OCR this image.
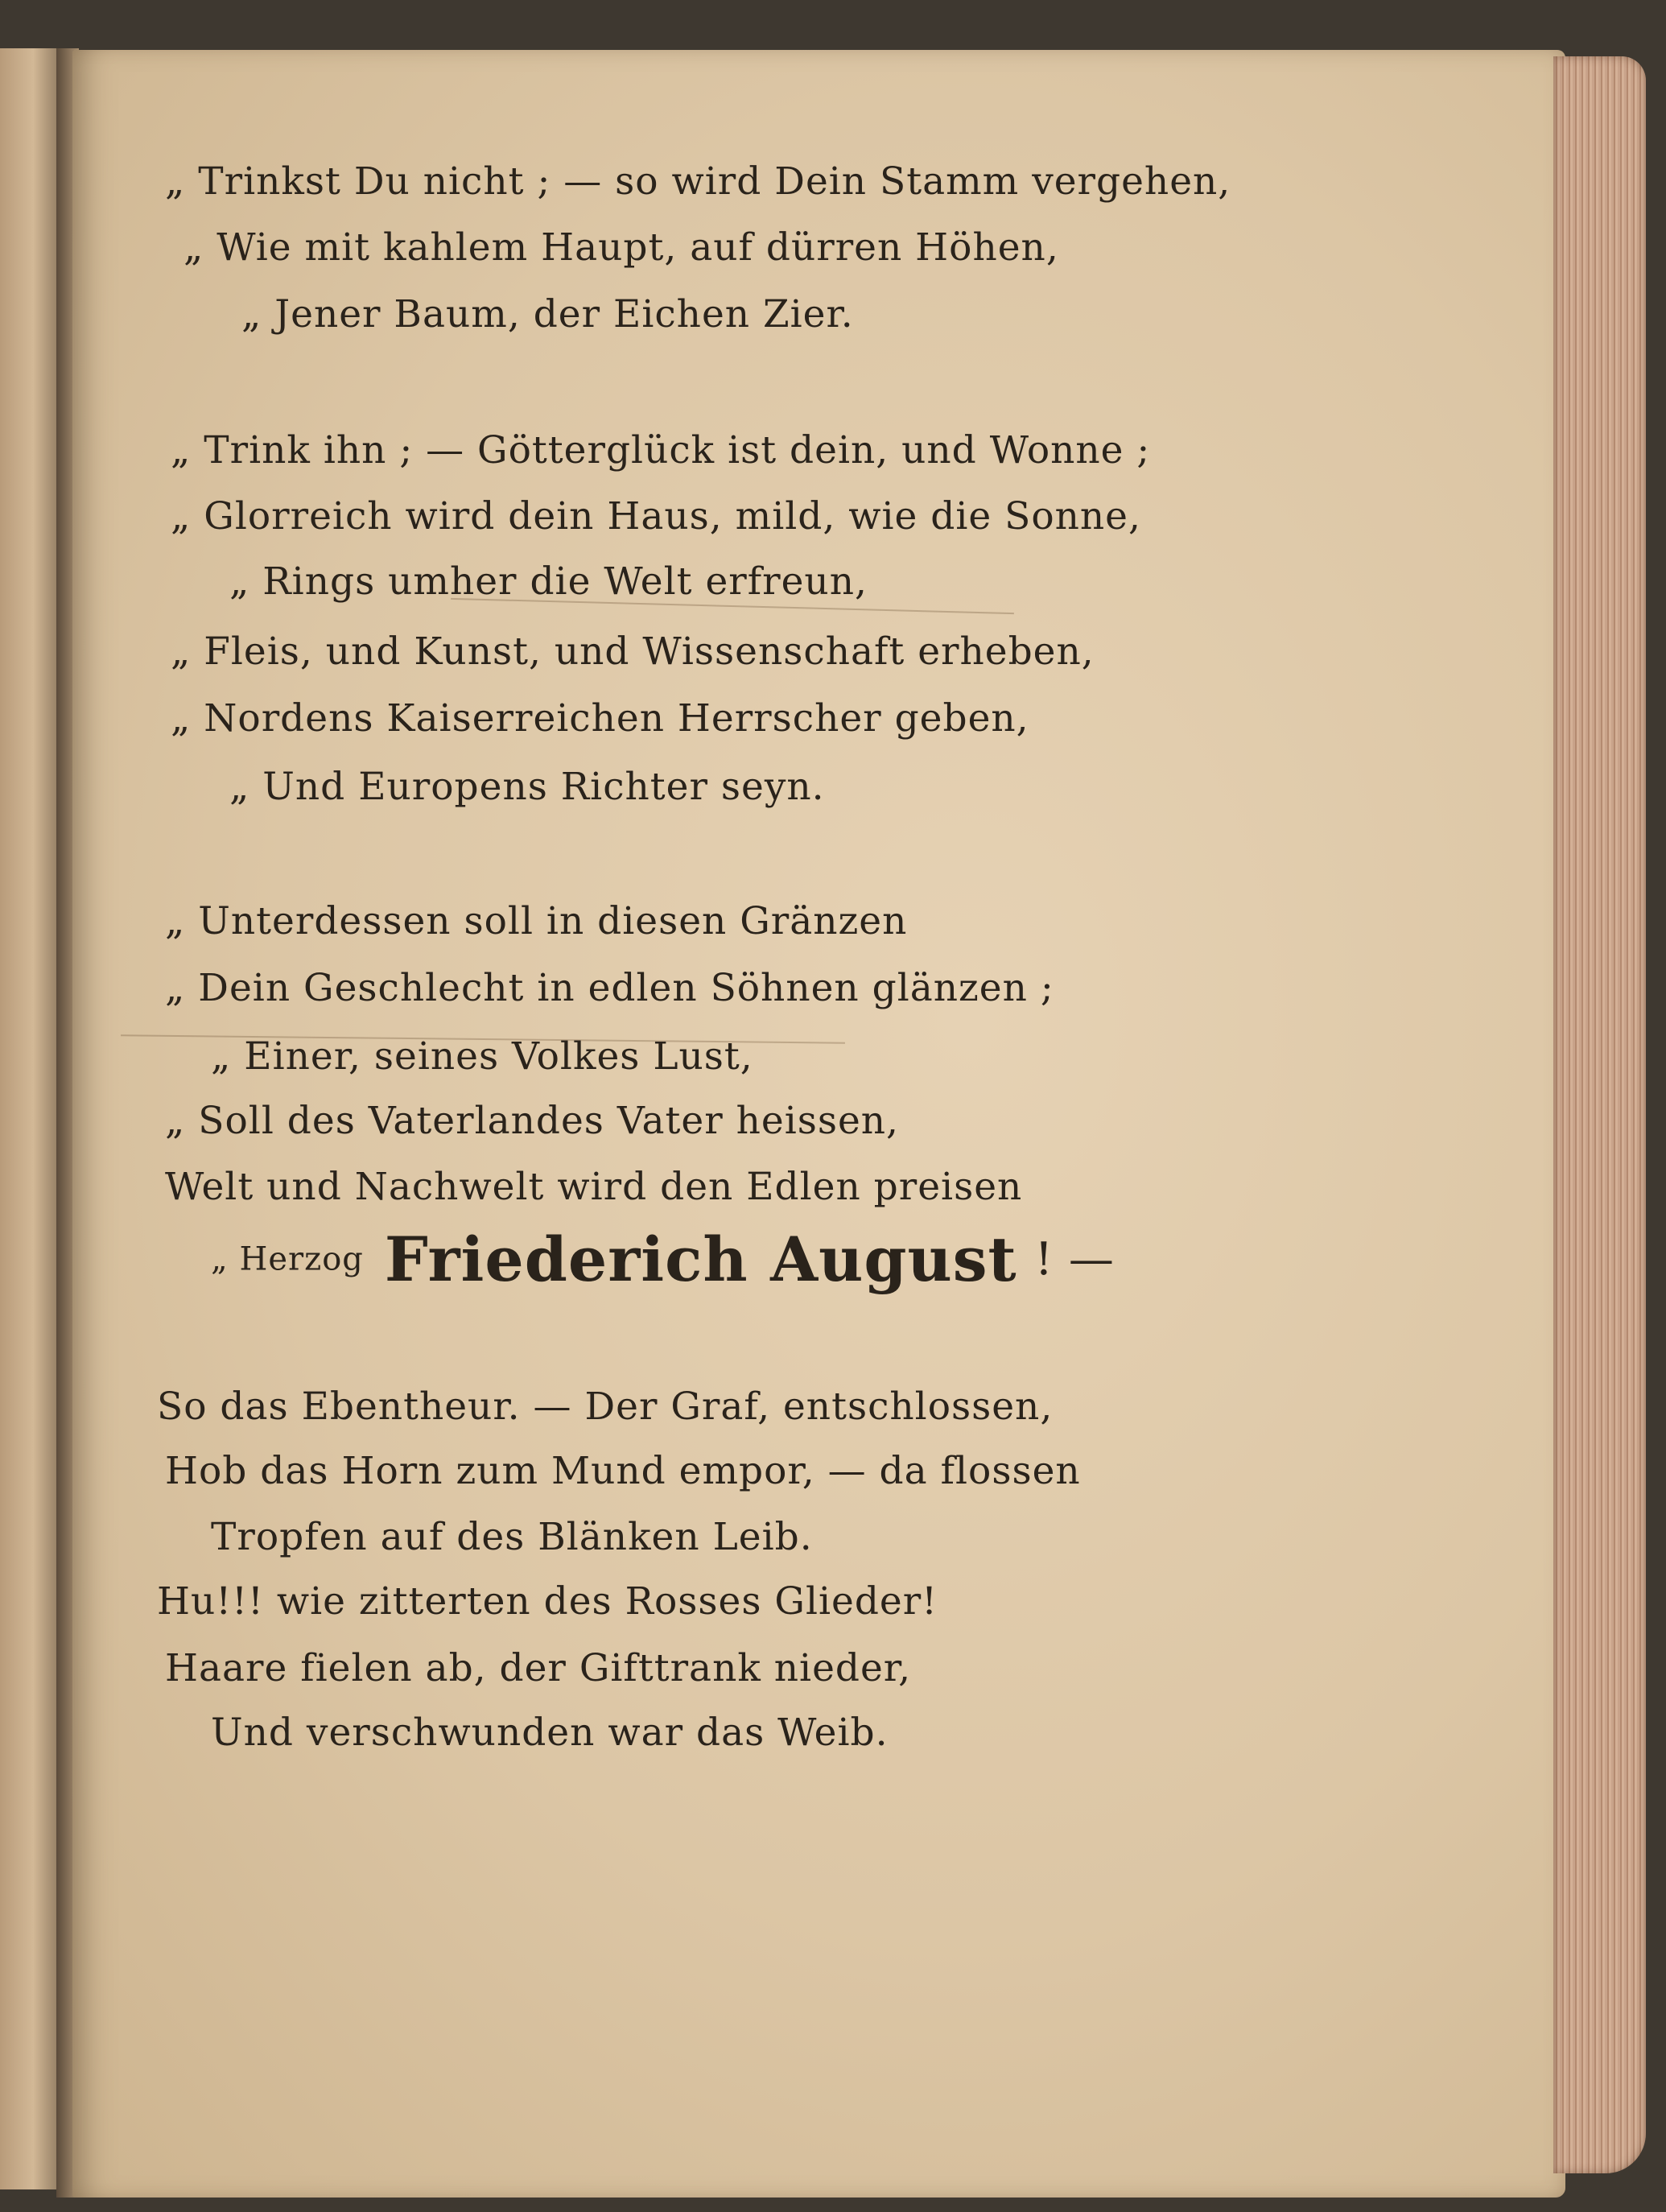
„ Trinkst Du nicht ; — so wird Dein Stamm vergehen,
„ Wie mit kahlem Haupt, auf dürren Höhen,
„ Jener Baum, der Eichen Zier.
„ Trink ihn ; — Götterglück ist dein, und Wonne ;
„ Glorreich wird dein Haus, mild, wie die Sonne,
„ Rings umher die Welt erfreun,
„ Fleis, und Kunst, und Wissenschaft erheben,
„ Nordens Kaiserreichen Herrscher geben,
„ Und Europens Richter seyn.
„ Unterdessen soll in diesen Gränzen
„ Dein Geschlecht in edlen Söhnen glänzen ;
„ Einer, seines Volkes Lust,
„ Soll des Vaterlandes Vater heissen,
Welt und Nachwelt wird den Edlen preisen
„ Herzog Friederich August ! —
So das Ebentheur. — Der Graf, entschlossen,
Hob das Horn zum Mund empor, — da flossen
Tropfen auf des Blänken Leib.
Hu!!! wie zitterten des Rosses Glieder!
Haare fielen ab, der Gifttrank nieder,
Und verschwunden war das Weib.
